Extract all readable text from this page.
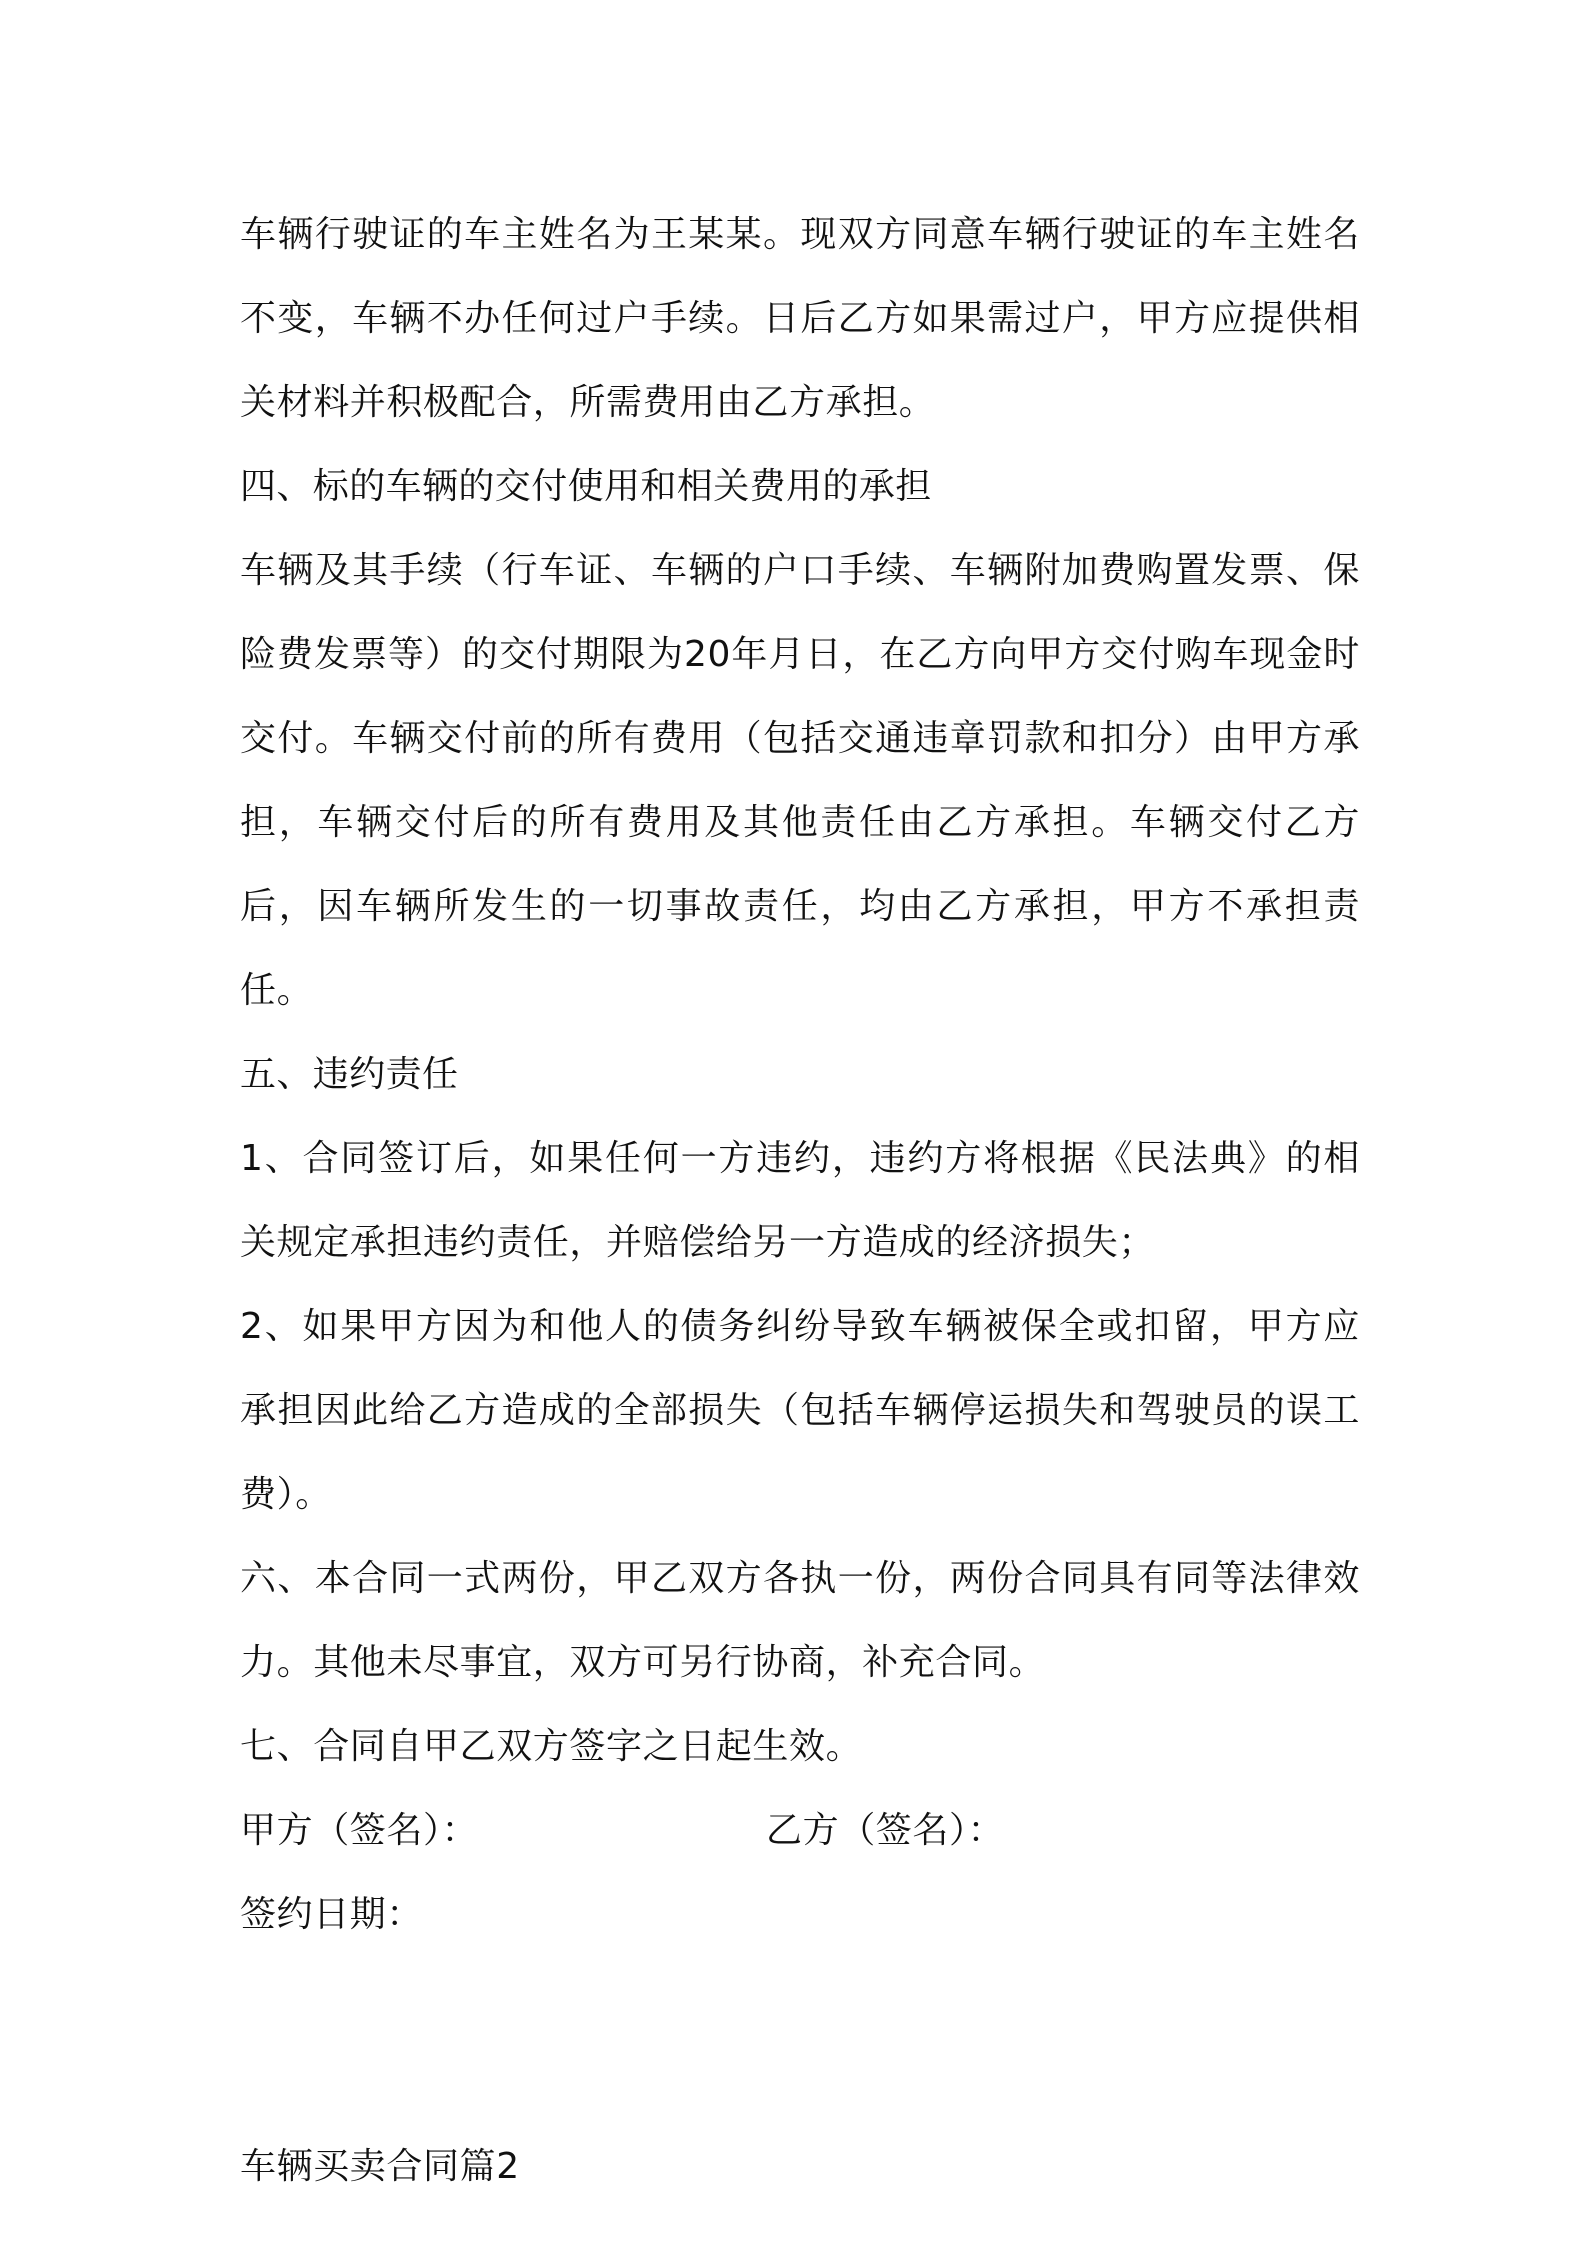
车辆行驶证的车主姓名为王某某。现双方同意车辆行驶证的车主姓名不变，车辆不办任何过户手续。日后乙方如果需过户，甲方应提供相关材料并积极配合，所需费用由乙方承担。

四、标的车辆的交付使用和相关费用的承担

车辆及其手续（行车证、车辆的户口手续、车辆附加费购置发票、保险费发票等）的交付期限为20年月日，在乙方向甲方交付购车现金时交付。车辆交付前的所有费用（包括交通违章罚款和扣分）由甲方承担，车辆交付后的所有费用及其他责任由乙方承担。车辆交付乙方后，因车辆所发生的一切事故责任，均由乙方承担，甲方不承担责任。

五、违约责任

1、合同签订后，如果任何一方违约，违约方将根据《民法典》的相关规定承担违约责任，并赔偿给另一方造成的经济损失；

2、如果甲方因为和他人的债务纠纷导致车辆被保全或扣留，甲方应承担因此给乙方造成的全部损失（包括车辆停运损失和驾驶员的误工费）。

六、本合同一式两份，甲乙双方各执一份，两份合同具有同等法律效力。其他未尽事宜，双方可另行协商，补充合同。

七、合同自甲乙双方签字之日起生效。

甲方（签名）：	乙方（签名）：

签约日期：

车辆买卖合同篇2
